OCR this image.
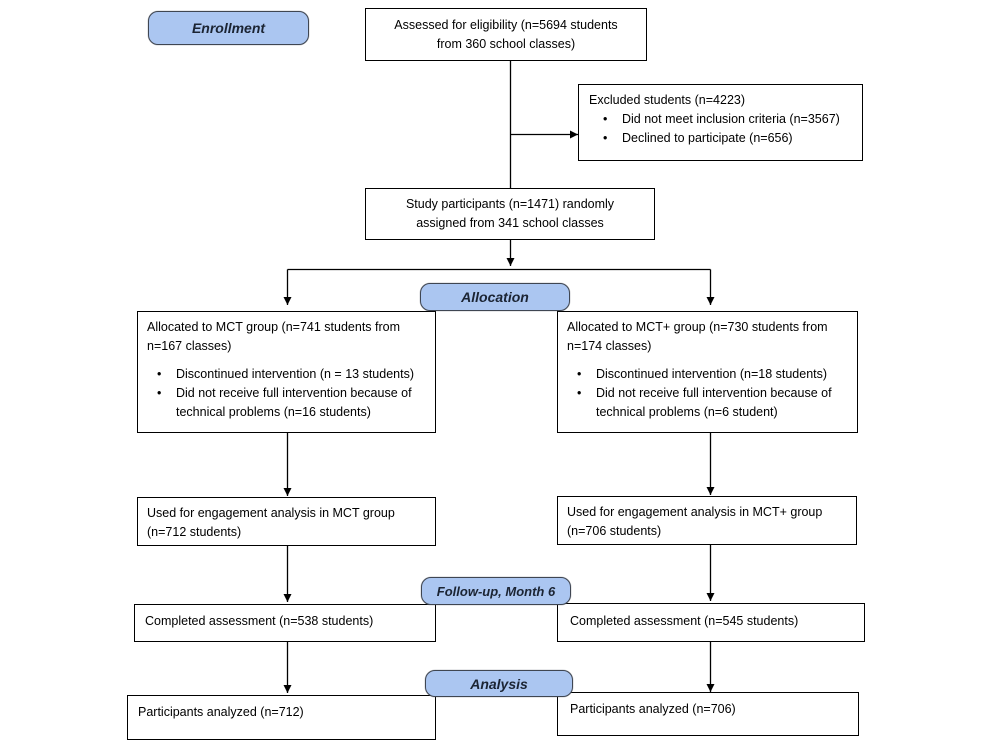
Enrollment
Allocation
Follow-up, Month 6
Analysis
Assessed for eligibility (n=5694 students
from 360 school classes)
Excluded students (n=4223)
• Did not meet inclusion criteria (n=3567)
• Declined to participate (n=656)
Study participants (n=1471) randomly
assigned from 341 school classes
Allocated to MCT group (n=741 students from
n=167 classes)
• Discontinued intervention (n = 13 students)
• Did not receive full intervention because of
technical problems (n=16 students)
Allocated to MCT+ group (n=730 students from
n=174 classes)
• Discontinued intervention (n=18 students)
• Did not receive full intervention because of
technical problems (n=6 student)
Used for engagement analysis in MCT group
(n=712 students)
Used for engagement analysis in MCT+ group
(n=706 students)
Completed assessment (n=538 students)	Completed assessment (n=545 students)
Participants analyzed (n=712)	Participants analyzed (n=706)
